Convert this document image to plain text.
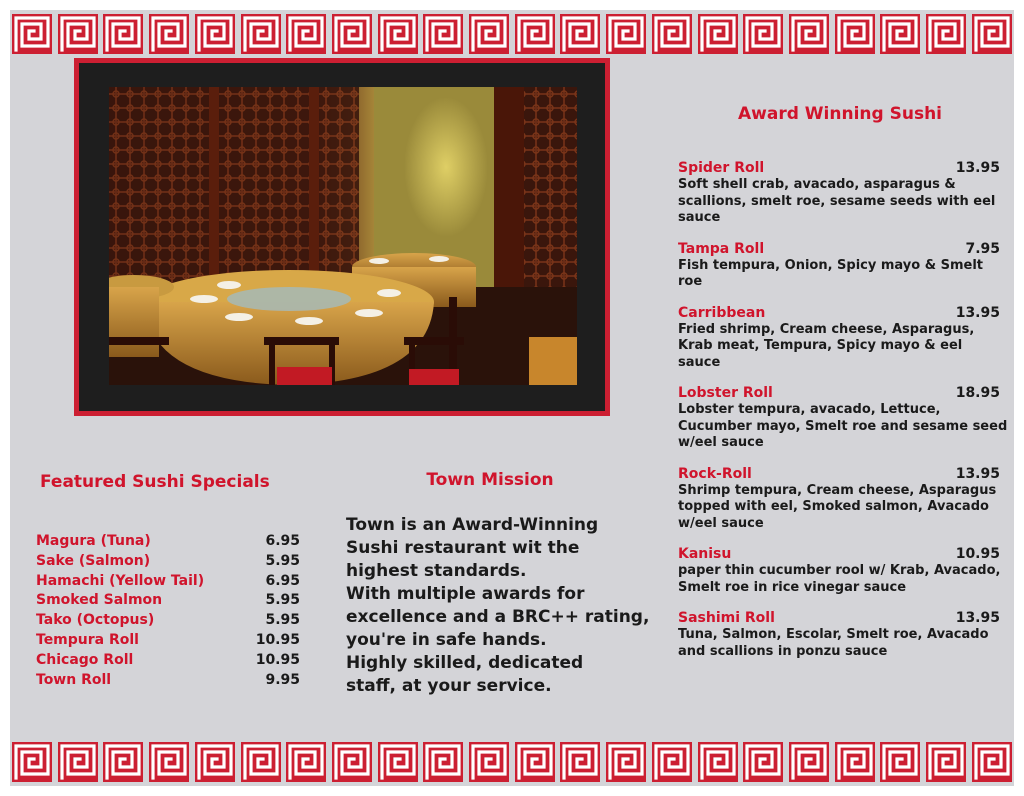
Award Winning Sushi
Spider Roll	13.95
Soft shell crab, avacado, asparagus & scallions, smelt roe, sesame seeds with eel sauce
Tampa Roll	7.95
Fish tempura, Onion, Spicy mayo & Smelt roe
Carribbean	13.95
Fried shrimp, Cream cheese, Asparagus, Krab meat, Tempura, Spicy mayo & eel sauce
Lobster Roll	18.95
Lobster tempura, avacado, Lettuce, Cucumber mayo, Smelt roe and sesame seed w/eel sauce
Rock-Roll	13.95
Shrimp tempura, Cream cheese, Asparagus topped with eel, Smoked salmon, Avacado w/eel sauce
Kanisu	10.95
paper thin cucumber rool w/ Krab, Avacado, Smelt roe in rice vinegar sauce
Sashimi Roll	13.95
Tuna, Salmon, Escolar, Smelt roe, Avacado and scallions in ponzu sauce
Featured Sushi Specials
Magura (Tuna)	6.95
Sake (Salmon)	5.95
Hamachi (Yellow Tail)	6.95
Smoked Salmon	5.95
Tako (Octopus)	5.95
Tempura Roll	10.95
Chicago Roll	10.95
Town Roll	9.95
Town Mission
Town is an Award-Winning
Sushi restaurant wit the
highest standards.
With multiple awards for
excellence and a BRC++ rating,
you're in safe hands.
Highly skilled, dedicated
staff, at your service.
